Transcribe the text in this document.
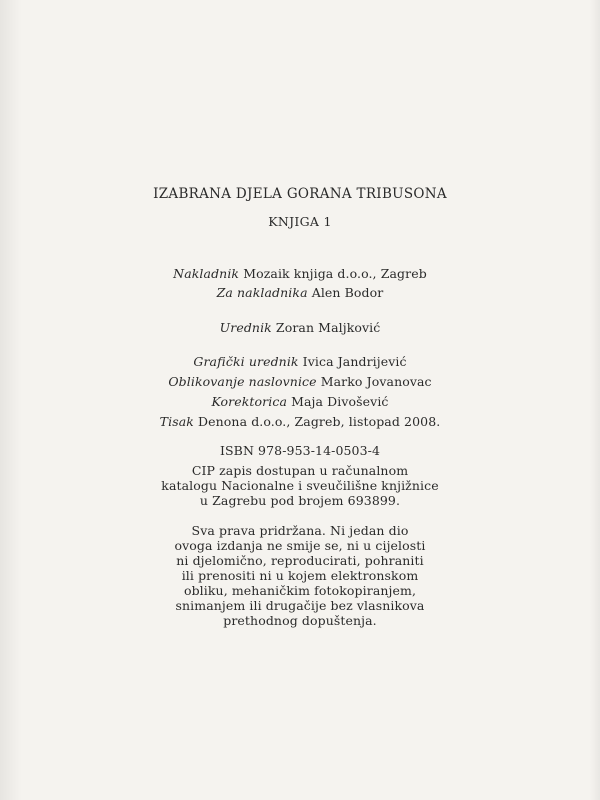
IZABRANA DJELA GORANA TRIBUSONA
KNJIGA 1
Nakladnik Mozaik knjiga d.o.o., Zagreb
Za nakladnika Alen Bodor
Urednik Zoran Maljković
Grafički urednik Ivica Jandrijević
Oblikovanje naslovnice Marko Jovanovac
Korektorica Maja Divošević
Tisak Denona d.o.o., Zagreb, listopad 2008.
ISBN 978-953-14-0503-4
CIP zapis dostupan u računalnom
katalogu Nacionalne i sveučilišne knjižnice
u Zagrebu pod brojem 693899.
Sva prava pridržana. Ni jedan dio
ovoga izdanja ne smije se, ni u cijelosti
ni djelomično, reproducirati, pohraniti
ili prenositi ni u kojem elektronskom
obliku, mehaničkim fotokopiranjem,
snimanjem ili drugačije bez vlasnikova
prethodnog dopuštenja.
